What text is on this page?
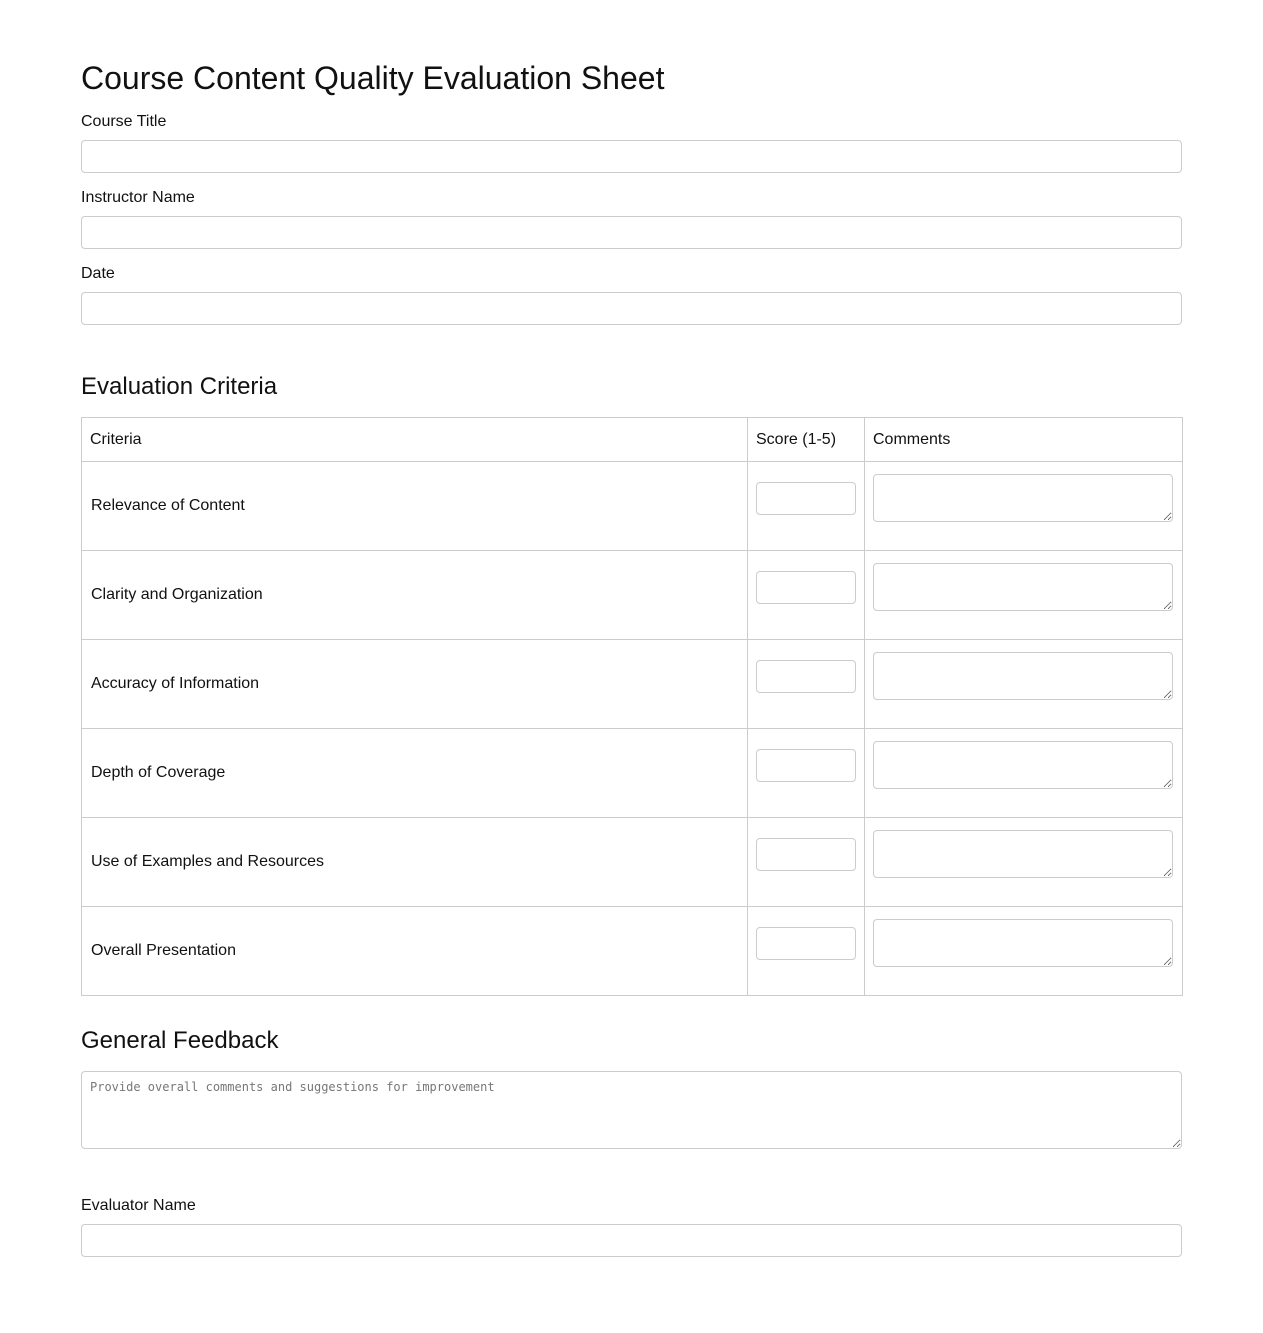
Course Content Quality Evaluation Sheet
Course Title
Instructor Name
Date
Evaluation Criteria
Criteria	Score (1-5)	Comments
Relevance of Content		

Clarity and Organization		

Accuracy of Information		

Depth of Coverage		

Use of Examples and Resources		

Overall Presentation		
General Feedback
Provide overall comments and suggestions for improvement
Evaluator Name
